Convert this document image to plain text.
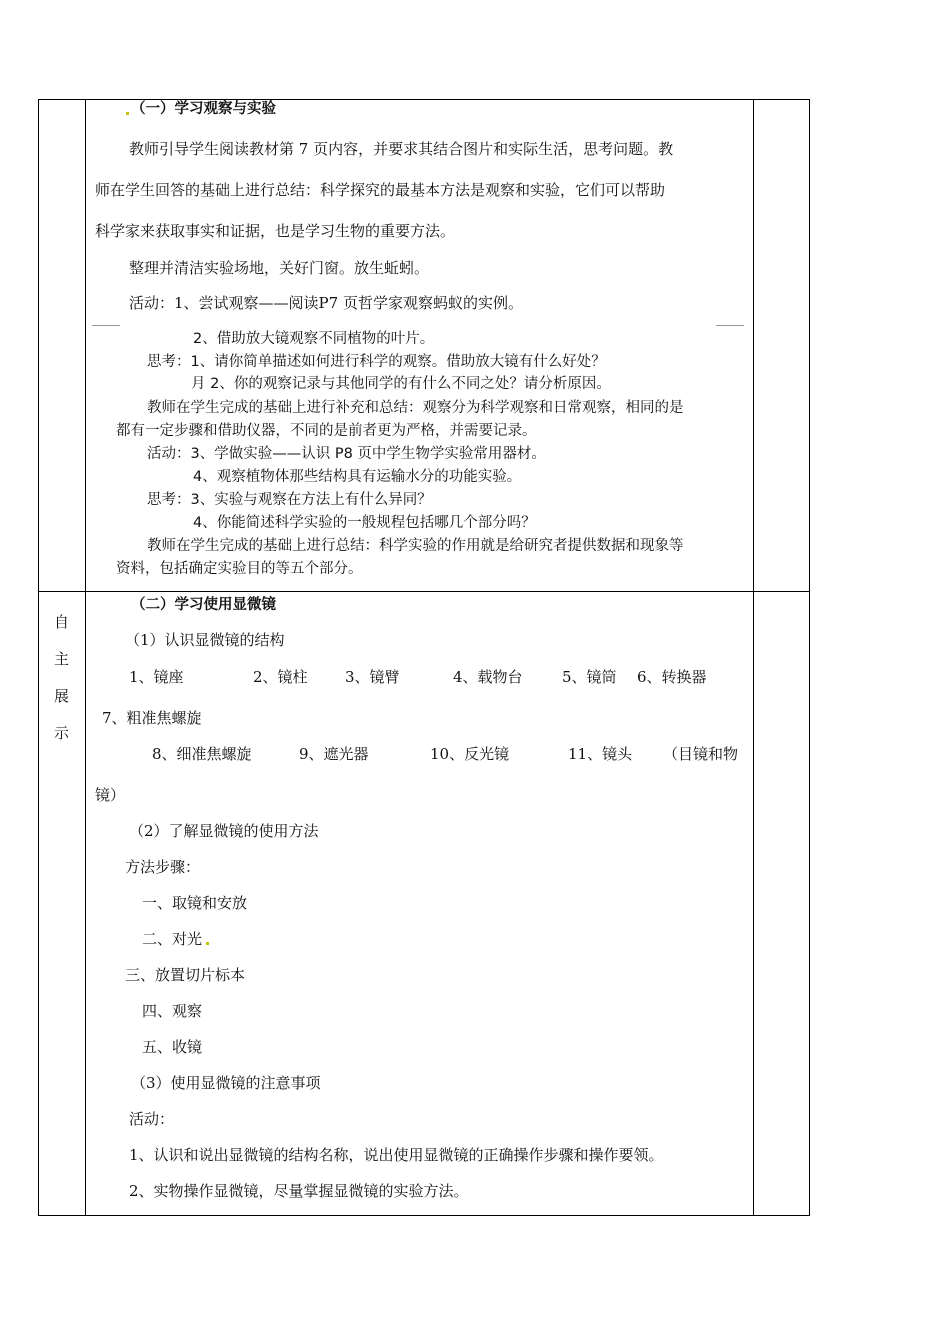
（一）学习观察与实验
教师引导学生阅读教材第 7 页内容，并要求其结合图片和实际生活，思考问题。教
师在学生回答的基础上进行总结：科学探究的最基本方法是观察和实验，它们可以帮助
科学家来获取事实和证据，也是学习生物的重要方法。
整理并清洁实验场地，关好门窗。放生蚯蚓。
活动：1、尝试观察——阅读P7 页哲学家观察蚂蚁的实例。
2、借助放大镜观察不同植物的叶片。
思考：1、请你简单描述如何进行科学的观察。借助放大镜有什么好处？
月 2、你的观察记录与其他同学的有什么不同之处？请分析原因。
教师在学生完成的基础上进行补充和总结：观察分为科学观察和日常观察，相同的是
都有一定步骤和借助仪器，不同的是前者更为严格，并需要记录。
活动：3、学做实验——认识 P8 页中学生物学实验常用器材。
4、观察植物体那些结构具有运输水分的功能实验。
思考：3、实验与观察在方法上有什么异同？
4、你能简述科学实验的一般规程包括哪几个部分吗？
教师在学生完成的基础上进行总结：科学实验的作用就是给研究者提供数据和现象等
资料，包括确定实验目的等五个部分。
自
主
展
示
（二）学习使用显微镜
（1）认识显微镜的结构
1、镜座	2、镜柱 3、镜臂	4、载物台	5、镜筒 6、转换器
7、粗准焦螺旋
8、细准焦螺旋	9、遮光器	10、反光镜	11、镜头 （目镜和物
镜）
（2）了解显微镜的使用方法
方法步骤：
一、取镜和安放
二、对光
三、放置切片标本
四、观察
五、收镜
（3）使用显微镜的注意事项
活动：
1、认识和说出显微镜的结构名称，说出使用显微镜的正确操作步骤和操作要领。
2、实物操作显微镜，尽量掌握显微镜的实验方法。
